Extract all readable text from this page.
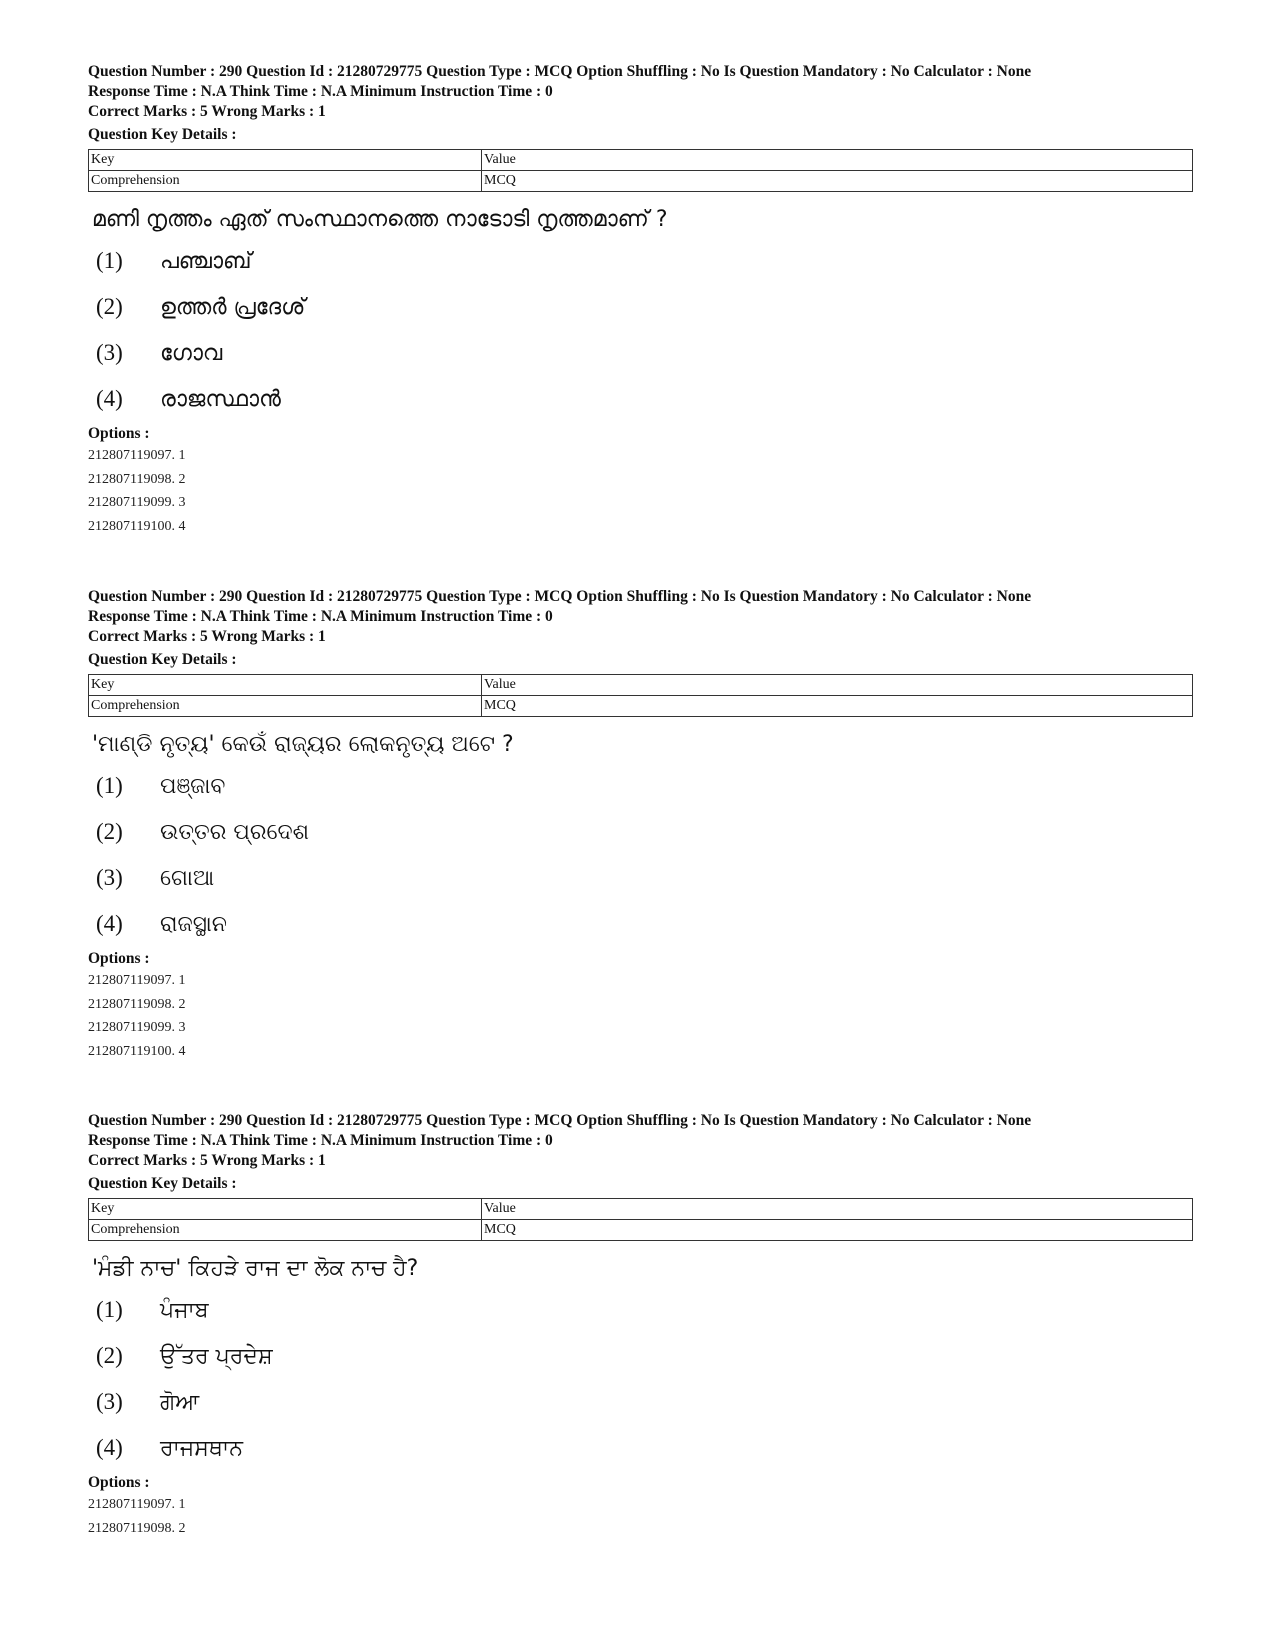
Question Number : 290 Question Id : 21280729775 Question Type : MCQ Option Shuffling : No Is Question Mandatory : No Calculator : None
Response Time : N.A Think Time : N.A Minimum Instruction Time : 0
Correct Marks : 5 Wrong Marks : 1
Question Key Details :
Key	Value
Comprehension	MCQ
മണി നൃത്തം ഏത് സംസ്ഥാനത്തെ നാടോടി നൃത്തമാണ് ?
(1) പഞ്ചാബ്
(2) ഉത്തർ പ്രദേശ്
(3) ഗോവ
(4) രാജസ്ഥാൻ
Options :
212807119097. 1
212807119098. 2
212807119099. 3
212807119100. 4
Question Number : 290 Question Id : 21280729775 Question Type : MCQ Option Shuffling : No Is Question Mandatory : No Calculator : None
Response Time : N.A Think Time : N.A Minimum Instruction Time : 0
Correct Marks : 5 Wrong Marks : 1
Question Key Details :
Key	Value
Comprehension	MCQ
'ମାଣ୍ଡି ନୃତ୍ୟ' କେଉଁ ରାଜ୍ୟର ଲୋକନୃତ୍ୟ ଅଟେ ?
(1) ପଞ୍ଜାବ
(2) ଉତ୍ତର ପ୍ରଦେଶ
(3) ଗୋଆ
(4) ରାଜସ୍ଥାନ
Options :
212807119097. 1
212807119098. 2
212807119099. 3
212807119100. 4
Question Number : 290 Question Id : 21280729775 Question Type : MCQ Option Shuffling : No Is Question Mandatory : No Calculator : None
Response Time : N.A Think Time : N.A Minimum Instruction Time : 0
Correct Marks : 5 Wrong Marks : 1
Question Key Details :
Key	Value
Comprehension	MCQ
'ਮੰਡੀ ਨਾਚ' ਕਿਹੜੇ ਰਾਜ ਦਾ ਲੋਕ ਨਾਚ ਹੈ?
(1) ਪੰਜਾਬ
(2) ਉੱਤਰ ਪ੍ਰਦੇਸ਼
(3) ਗੋਆ
(4) ਰਾਜਸਥਾਨ
Options :
212807119097. 1
212807119098. 2
